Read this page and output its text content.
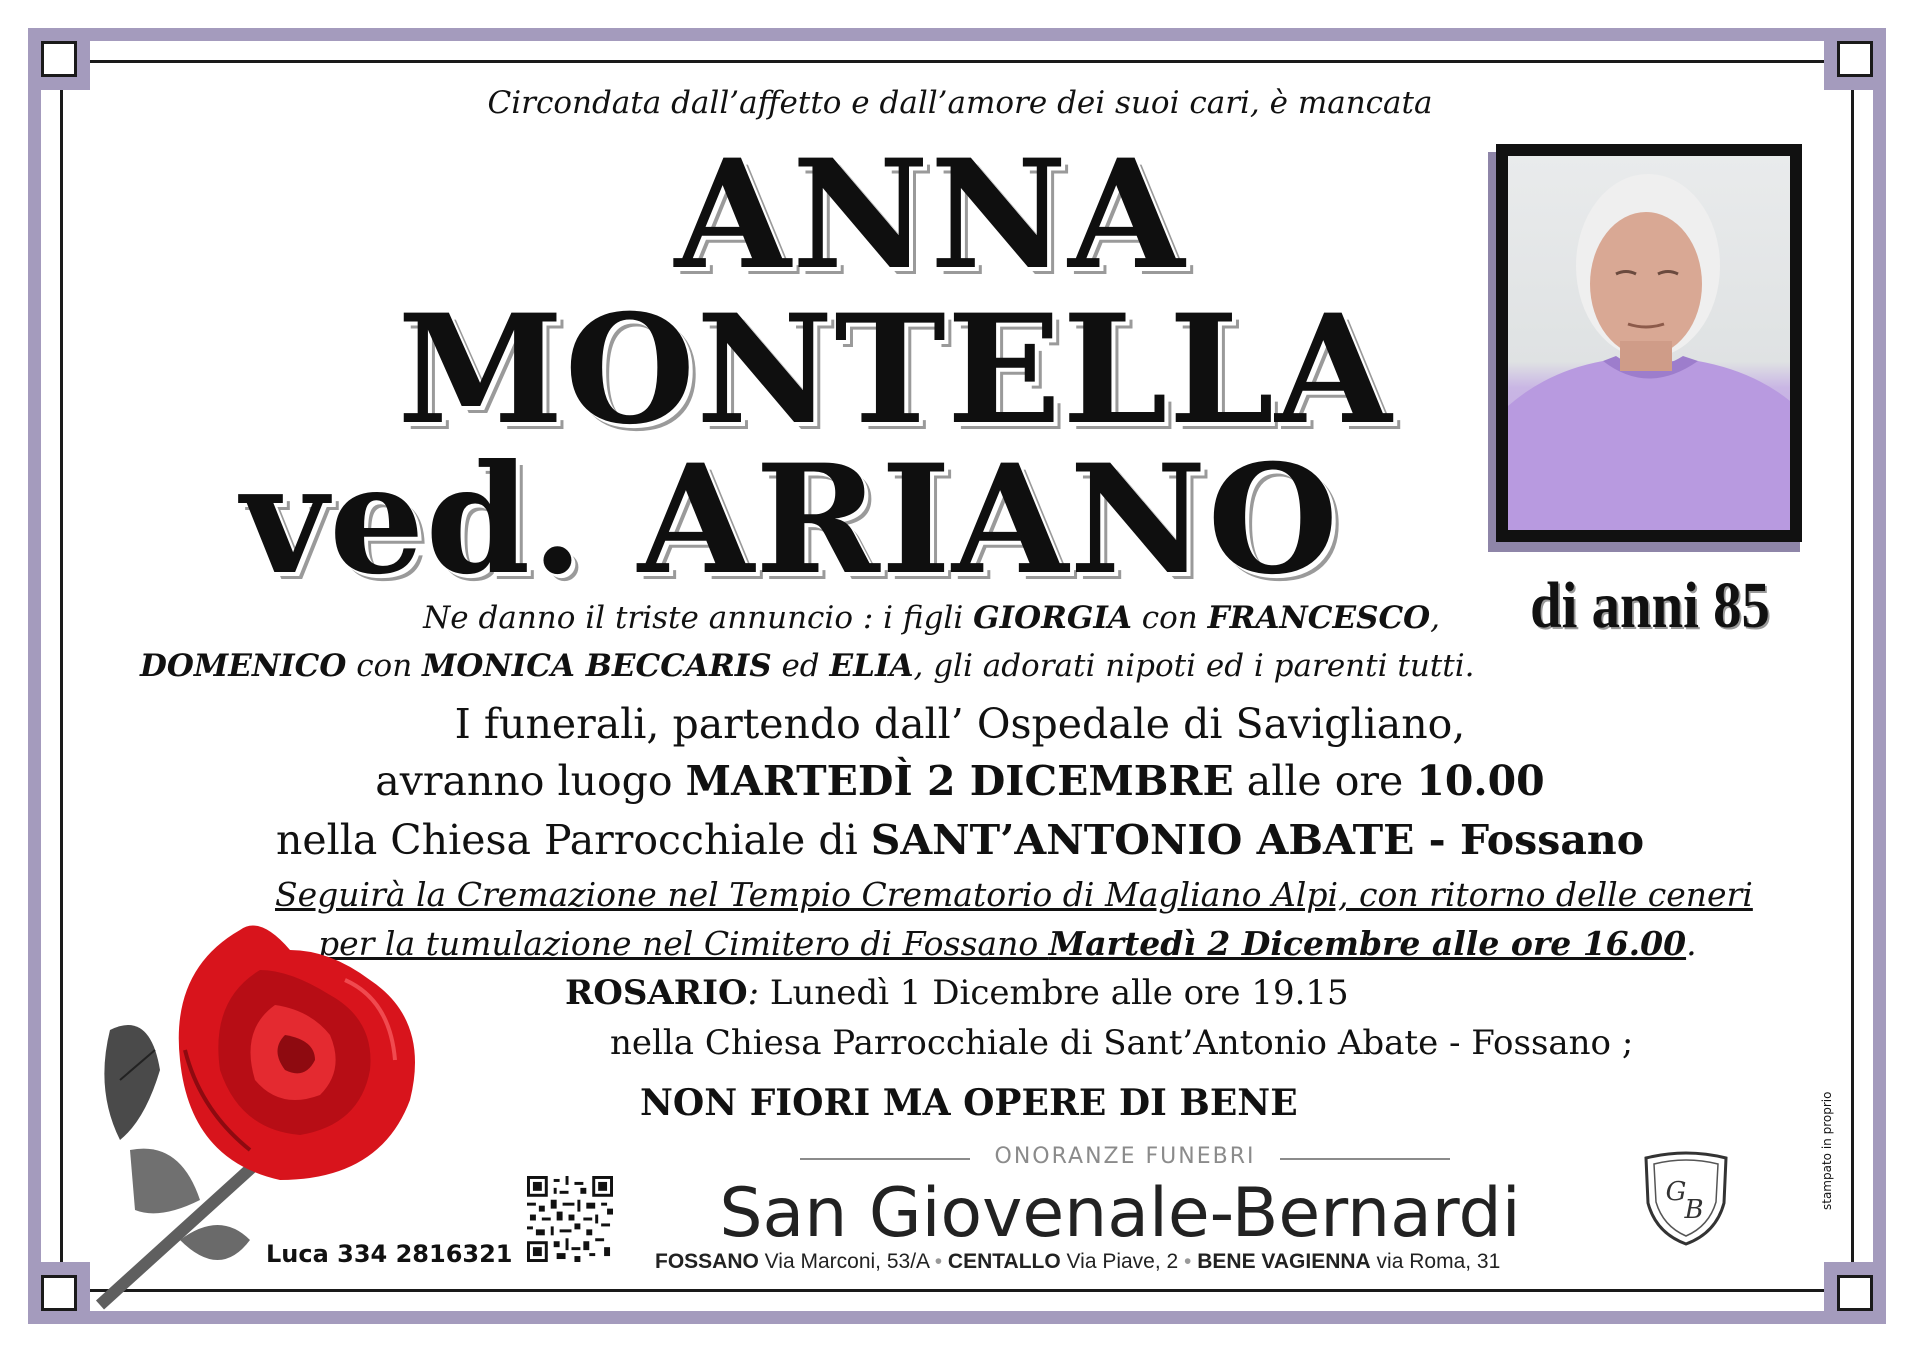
Circondata dall’affetto e dall’amore dei suoi cari, è mancata
ANNA
MONTELLA
ved. ARIANO	di anni 85
Ne danno il triste annuncio : i figli GIORGIA con FRANCESCO,
DOMENICO con MONICA BECCARIS ed ELIA, gli adorati nipoti ed i parenti tutti.
I funerali, partendo dall’ Ospedale di Savigliano,
avranno luogo MARTEDÌ 2 DICEMBRE alle ore 10.00
nella Chiesa Parrocchiale di SANT’ANTONIO ABATE - Fossano
Seguirà la Cremazione nel Tempio Crematorio di Magliano Alpi, con ritorno delle ceneri
per la tumulazione nel Cimitero di Fossano Martedì 2 Dicembre alle ore 16.00.
ROSARIO: Lunedì 1 Dicembre alle ore 19.15
nella Chiesa Parrocchiale di Sant’Antonio Abate - Fossano ;
NON FIORI MA OPERE DI BENE
ONORANZE FUNEBRI
San Giovenale-Bernardi
FOSSANO Via Marconi, 53/A • CENTALLO Via Piave, 2 • BENE VAGIENNA via Roma, 31
G
B
Luca 334 2816321
stampato in proprio
